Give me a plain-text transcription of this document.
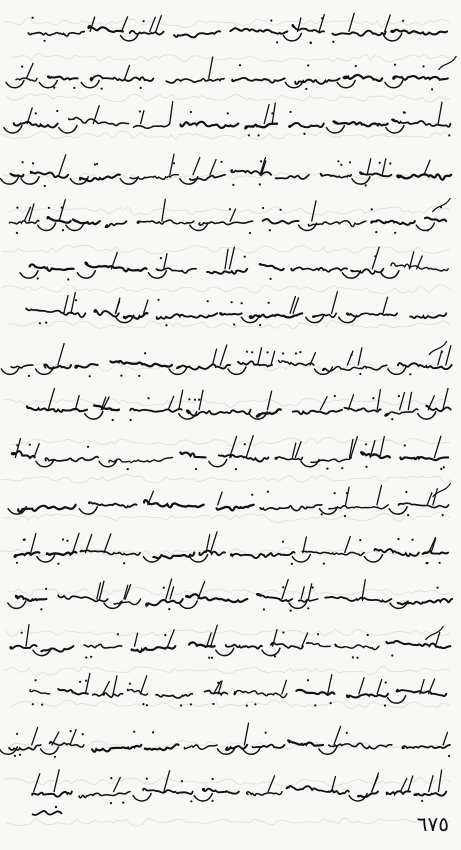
٦٧٥
